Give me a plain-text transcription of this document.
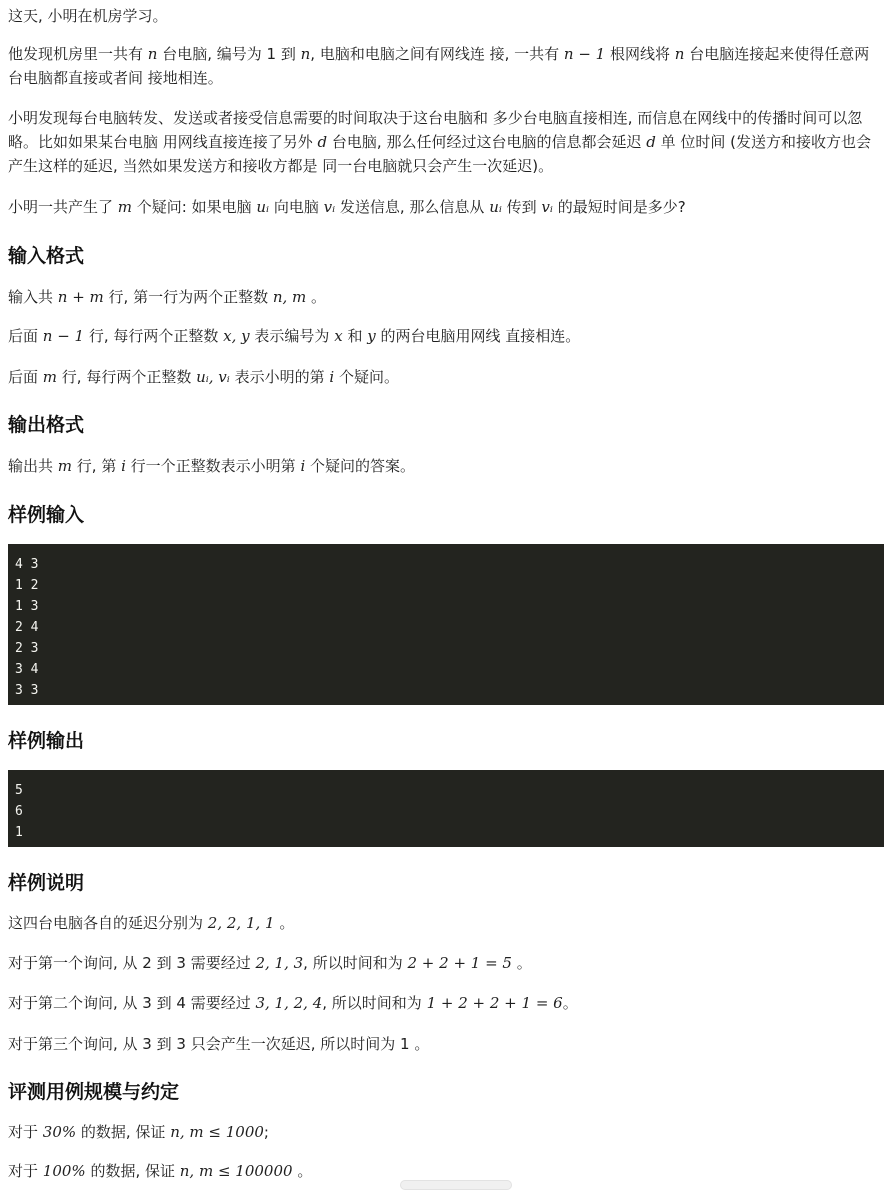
这天, 小明在机房学习。
他发现机房里一共有 n 台电脑, 编号为 1 到 n, 电脑和电脑之间有网线连 接, 一共有 n − 1 根网线将 n 台电脑连接起来使得任意两台电脑都直接或者间 接地相连。
小明发现每台电脑转发、发送或者接受信息需要的时间取决于这台电脑和 多少台电脑直接相连, 而信息在网线中的传播时间可以忽略。比如如果某台电脑 用网线直接连接了另外 d 台电脑, 那么任何经过这台电脑的信息都会延迟 d 单 位时间 (发送方和接收方也会产生这样的延迟, 当然如果发送方和接收方都是 同一台电脑就只会产生一次延迟)。
小明一共产生了 m 个疑问: 如果电脑 uᵢ 向电脑 vᵢ 发送信息, 那么信息从 uᵢ 传到 vᵢ 的最短时间是多少?
输入格式
输入共 n + m 行, 第一行为两个正整数 n, m 。
后面 n − 1 行, 每行两个正整数 x, y 表示编号为 x 和 y 的两台电脑用网线 直接相连。
后面 m 行, 每行两个正整数 uᵢ, vᵢ 表示小明的第 i 个疑问。
输出格式
输出共 m 行, 第 i 行一个正整数表示小明第 i 个疑问的答案。
样例输入
4 3
1 2
1 3
2 4
2 3
3 4
3 3
样例输出
5
6
1
样例说明
这四台电脑各自的延迟分别为 2, 2, 1, 1 。
对于第一个询问, 从 2 到 3 需要经过 2, 1, 3, 所以时间和为 2 + 2 + 1 = 5 。
对于第二个询问, 从 3 到 4 需要经过 3, 1, 2, 4, 所以时间和为 1 + 2 + 2 + 1 = 6。
对于第三个询问, 从 3 到 3 只会产生一次延迟, 所以时间为 1 。
评测用例规模与约定
对于 30% 的数据, 保证 n, m ≤ 1000;
对于 100% 的数据, 保证 n, m ≤ 100000 。
